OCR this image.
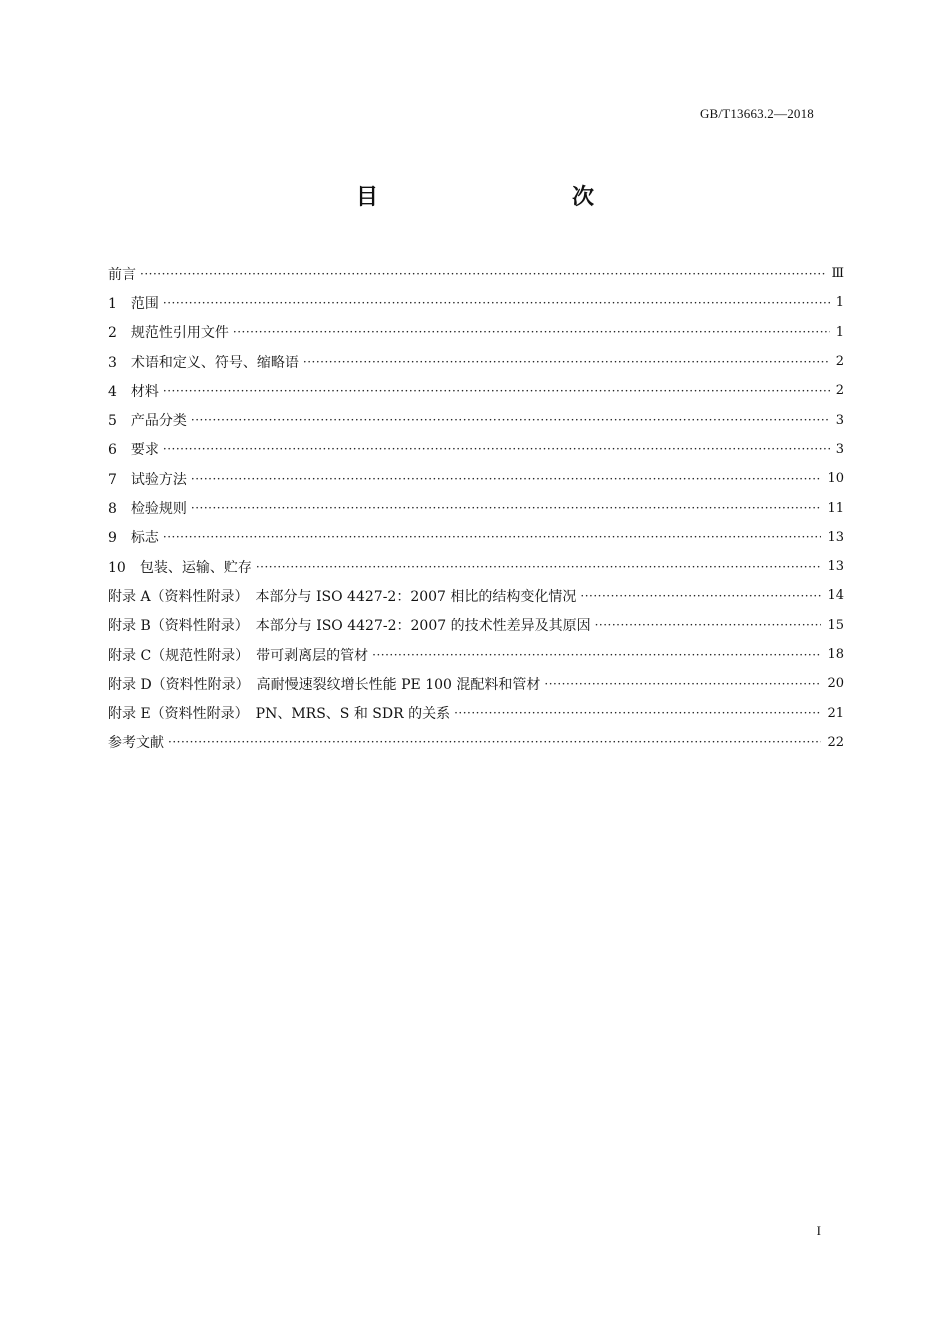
GB/T13663.2—2018
目　　次
前言 ·····	Ⅲ
1　范围 ·····	1
2　规范性引用文件 ·····	1
3　术语和定义、符号、缩略语 ·····	2
4　材料 ·····	2
5　产品分类 ·····	3
6　要求 ·····	3
7　试验方法 ·····	10
8　检验规则 ·····	11
9　标志 ·····	13
10　包装、运输、贮存 ·····	13
附录 A（资料性附录）　本部分与 ISO 4427-2：2007 相比的结构变化情况 ·····	14
附录 B（资料性附录）　本部分与 ISO 4427-2：2007 的技术性差异及其原因 ·····	15
附录 C（规范性附录）　带可剥离层的管材 ·····	18
附录 D（资料性附录）　高耐慢速裂纹增长性能 PE 100 混配料和管材 ·····	20
附录 E（资料性附录）　PN、MRS、S 和 SDR 的关系 ·····	21
参考文献 ·····	22
I
